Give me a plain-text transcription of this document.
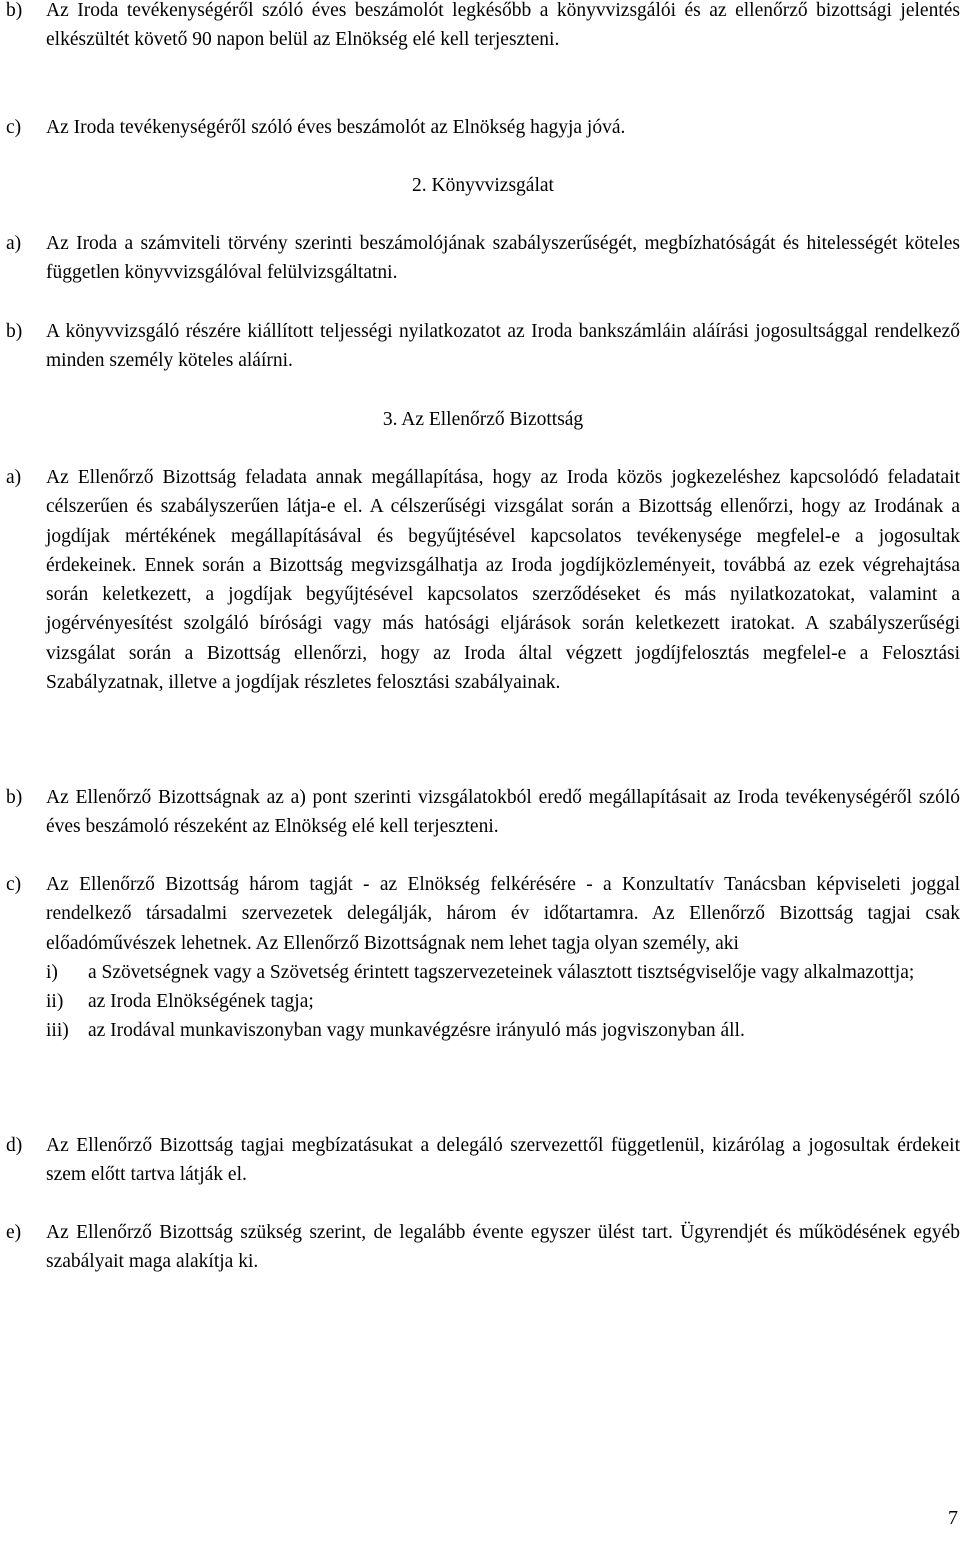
b)	Az Iroda tevékenységéről szóló éves beszámolót legkésőbb a könyvvizsgálói és az ellenőrző bizottsági jelentés elkészültét követő 90 napon belül az Elnökség elé kell terjeszteni.
c)	Az Iroda tevékenységéről szóló éves beszámolót az Elnökség hagyja jóvá.
2. Könyvvizsgálat
a)	Az Iroda a számviteli törvény szerinti beszámolójának szabályszerűségét, megbízhatóságát és hitelességét köteles független könyvvizsgálóval felülvizsgáltatni.
b)	A könyvvizsgáló részére kiállított teljességi nyilatkozatot az Iroda bankszámláin aláírási jogosultsággal rendelkező minden személy köteles aláírni.
3. Az Ellenőrző Bizottság
a)	Az Ellenőrző Bizottság feladata annak megállapítása, hogy az Iroda közös jogkezeléshez kapcsolódó feladatait célszerűen és szabályszerűen látja-e el. A célszerűségi vizsgálat során a Bizottság ellenőrzi, hogy az Irodának a jogdíjak mértékének megállapításával és begyűjtésével kapcsolatos tevékenysége megfelel-e a jogosultak érdekeinek. Ennek során a Bizottság megvizsgálhatja az Iroda jogdíjközleményeit, továbbá az ezek végrehajtása során keletkezett, a jogdíjak begyűjtésével kapcsolatos szerződéseket és más nyilatkozatokat, valamint a jogérvényesítést szolgáló bírósági vagy más hatósági eljárások során keletkezett iratokat. A szabályszerűségi vizsgálat során a Bizottság ellenőrzi, hogy az Iroda által végzett jogdíjfelosztás megfelel-e a Felosztási Szabályzatnak, illetve a jogdíjak részletes felosztási szabályainak.
b)	Az Ellenőrző Bizottságnak az a) pont szerinti vizsgálatokból eredő megállapításait az Iroda tevékenységéről szóló éves beszámoló részeként az Elnökség elé kell terjeszteni.
c)	Az Ellenőrző Bizottság három tagját - az Elnökség felkérésére - a Konzultatív Tanácsban képviseleti joggal rendelkező társadalmi szervezetek delegálják, három év időtartamra. Az Ellenőrző Bizottság tagjai csak előadóművészek lehetnek. Az Ellenőrző Bizottságnak nem lehet tagja olyan személy, aki
i)	a Szövetségnek vagy a Szövetség érintett tagszervezeteinek választott tisztségviselője vagy alkalmazottja;
ii)	az Iroda Elnökségének tagja;
iii) az Irodával munkaviszonyban vagy munkavégzésre irányuló más jogviszonyban áll.
d)	Az Ellenőrző Bizottság tagjai megbízatásukat a delegáló szervezettől függetlenül, kizárólag a jogosultak érdekeit szem előtt tartva látják el.
e)	Az Ellenőrző Bizottság szükség szerint, de legalább évente egyszer ülést tart. Ügyrendjét és működésének egyéb szabályait maga alakítja ki.
7
